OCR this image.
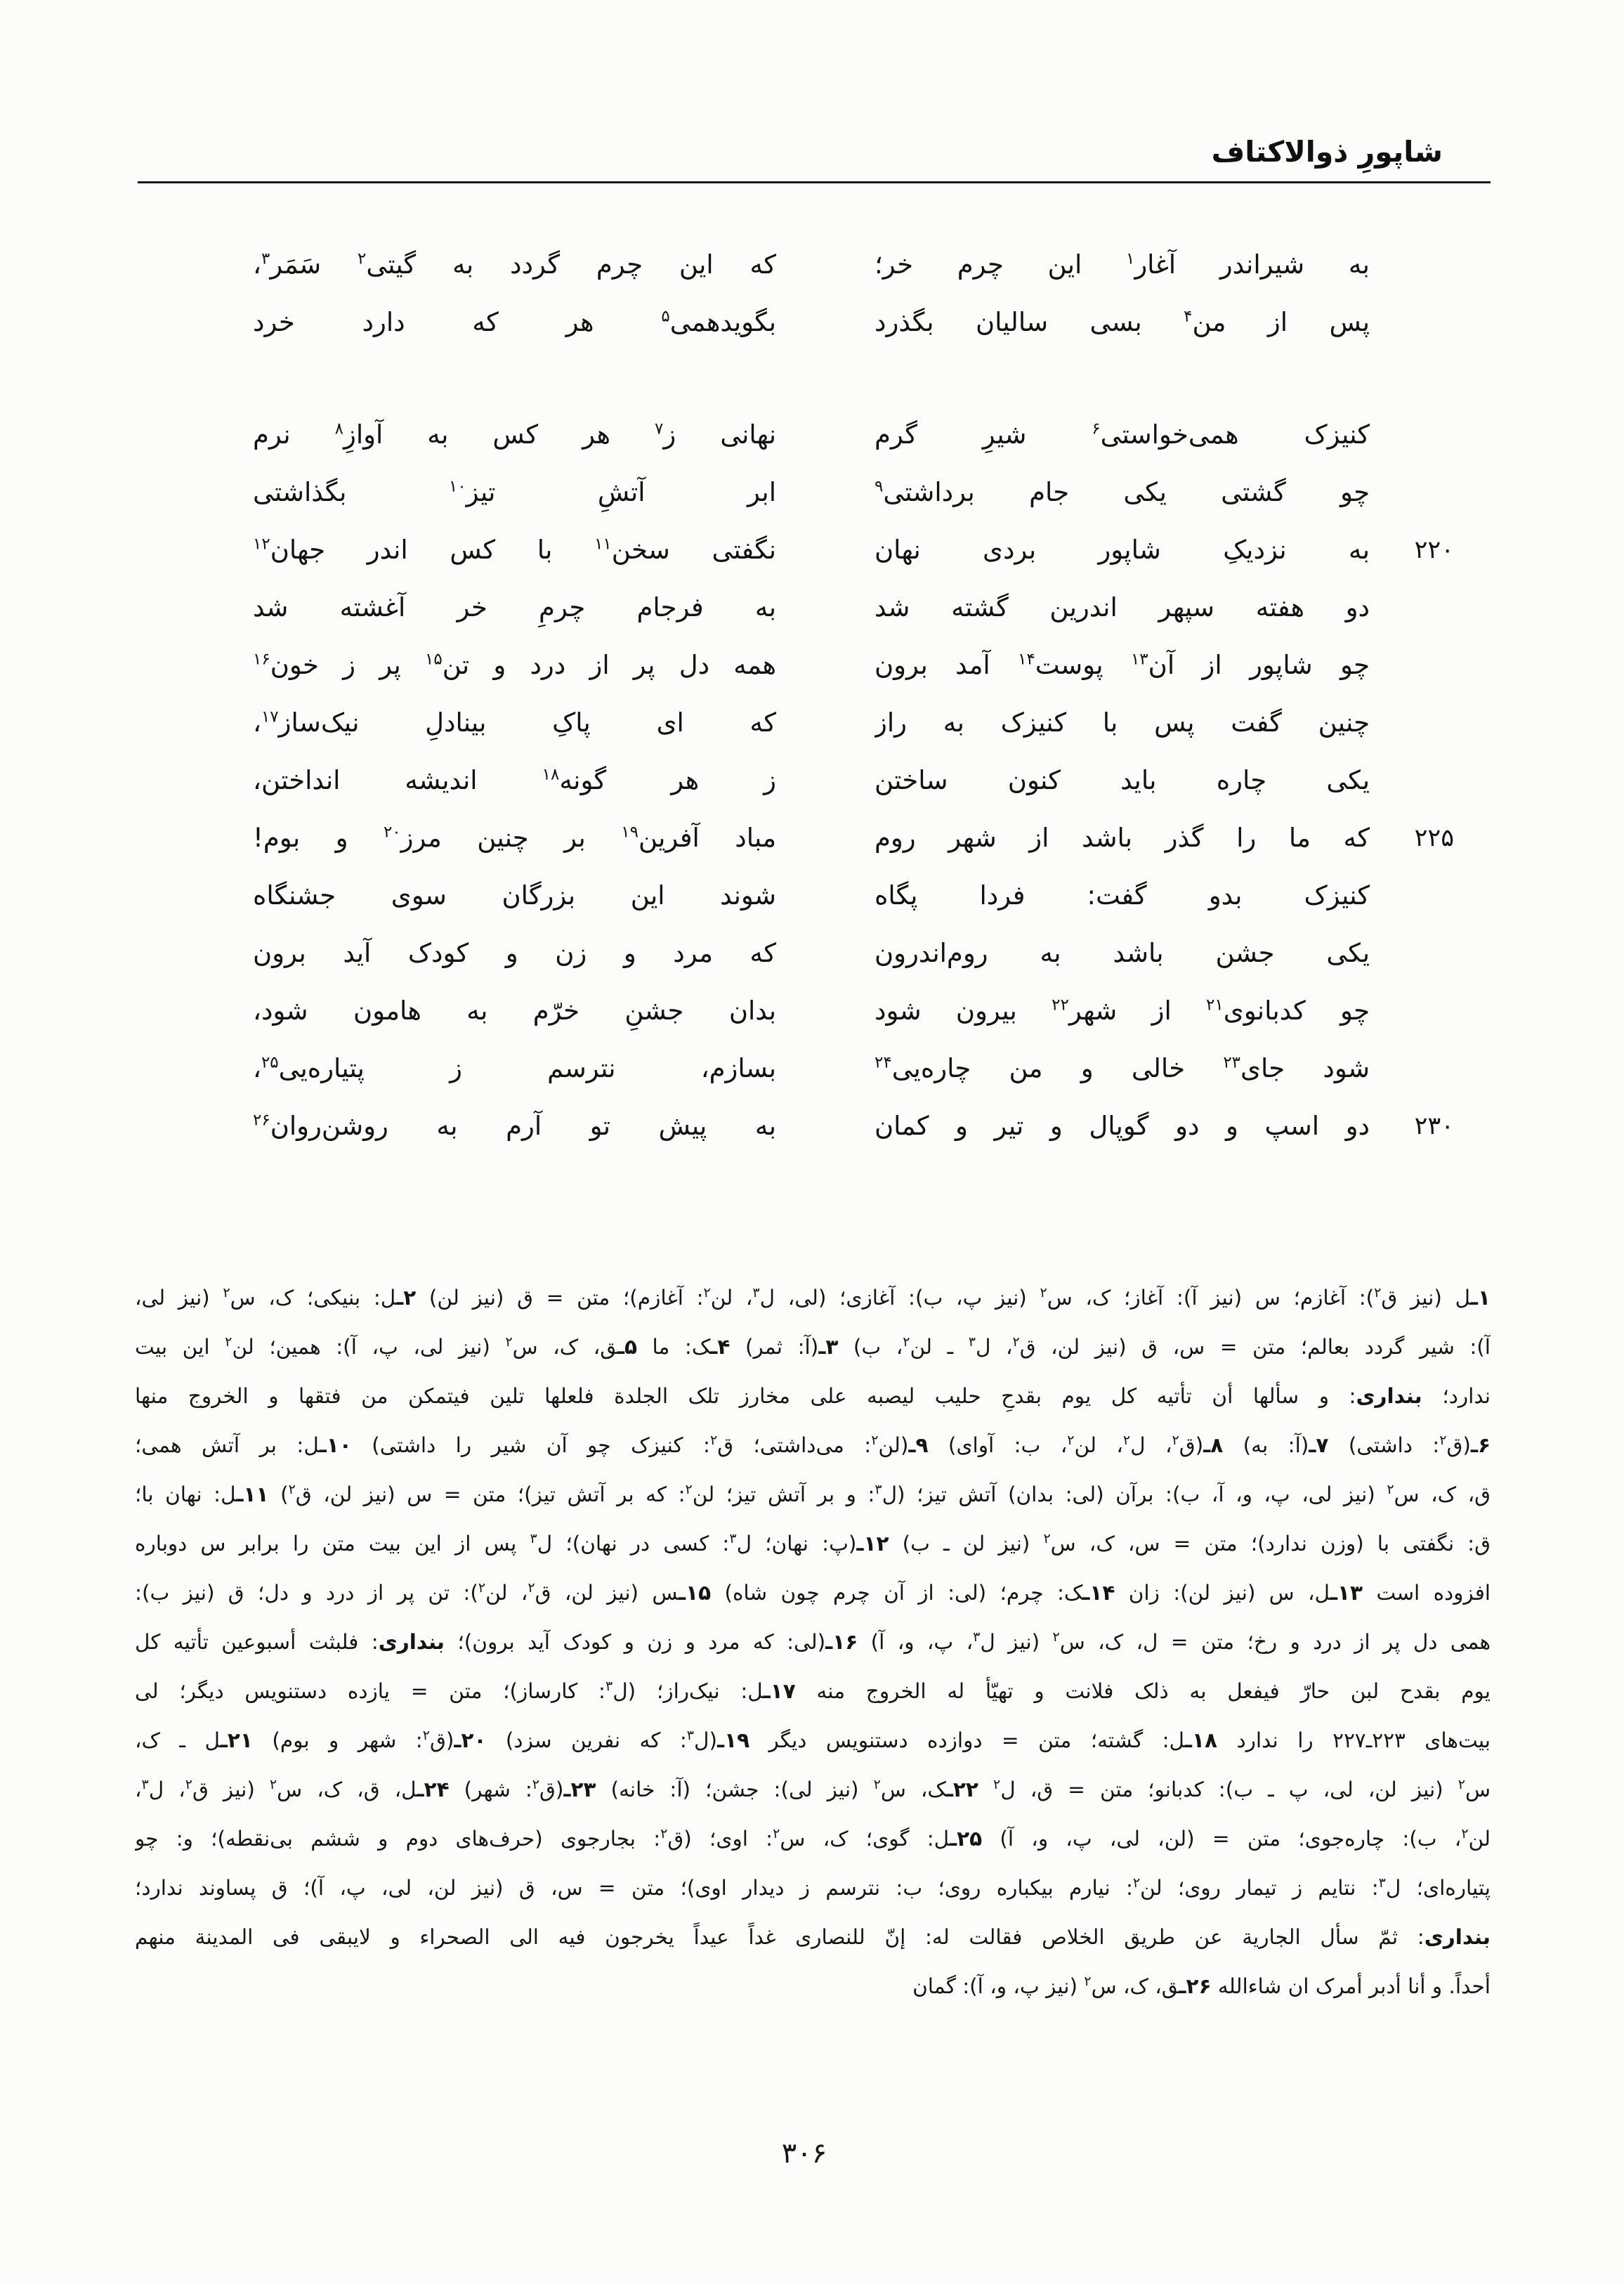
شاپورِ ذوالاکتاف
به شیراندر آغار$^۱$ این چرم خر؛
که این چرم گردد به گیتی$^۲$ سَمَر$^۳$،
پس از من$^۴$ بسی سالیان بگذرد
بگویدهمی$^۵$ هر که دارد خرد
کنیزک همی‌خواستی$^۶$ شیرِ گرم
نهانی ز$^۷$ هر کس به آوازِ$^۸$ نرم
چو گشتی یکی جام برداشتی$^۹$
ابر آتشِ تیز$^{۱۰}$ بگذاشتی
۲۲۰
به نزدیکِ شاپور بردی نهان
نگفتی سخن$^{۱۱}$ با کس اندر جهان$^{۱۲}$
دو هفته سپهر اندرین گشته شد
به فرجام چرمِ خر آغشته شد
چو شاپور از آن$^{۱۳}$ پوست$^{۱۴}$ آمد برون
همه دل پر از درد و تن$^{۱۵}$ پر ز خون$^{۱۶}$
چنین گفت پس با کنیزک به راز
که ای پاکِ بینادلِ نیک‌ساز$^{۱۷}$،
یکی چاره باید کنون ساختن
ز هر گونه$^{۱۸}$ اندیشه انداختن،
۲۲۵
که ما را گذر باشد از شهر روم
مباد آفرین$^{۱۹}$ بر چنین مرز$^{۲۰}$ و بوم!
کنیزک بدو گفت: فردا پگاه
شوند این بزرگان سوی جشنگاه
یکی جشن باشد به روم‌اندرون
که مرد و زن و کودک آید برون
چو کدبانوی$^{۲۱}$ از شهر$^{۲۲}$ بیرون شود
بدان جشنِ خرّم به هامون شود،
شود جای$^{۲۳}$ خالی و من چاره‌یی$^{۲۴}$
بسازم، نترسم ز پتیاره‌یی$^{۲۵}$،
۲۳۰
دو اسپ و دو گوپال و تیر و کمان
به پیش تو آرم به روشن‌روان$^{۲۶}$
۱ـل (نیز ق$^۲$): آغازم؛ س (نیز آ): آغاز؛ ک، س$^۲$ (نیز پ، ب): آغازی؛ (لی، ل$^۳$، لن$^۲$: آغازم)؛ متن = ق (نیز لن) ۲ـل: بنیکی؛ ک، س$^۲$ (نیز لی،
آ): شیر گردد بعالم؛ متن = س، ق (نیز لن، ق$^۲$، ل$^۳$ ـ لن$^۲$، ب) ۳ـ(آ: ثمر) ۴ـک: ما ۵ـق، ک، س$^۲$ (نیز لی، پ، آ): همین؛ لن$^۲$ این بیت
ندارد؛ بنداری: و سألها أن تأتیه کل یوم بقدحِ حلیب لیصبه علی مخارز تلک الجلدة فلعلها تلین فیتمکن من فتقها و الخروج منها
۶ـ(ق$^۲$: داشتی) ۷ـ(آ: به) ۸ـ(ق$^۲$، ل$^۲$، لن$^۲$، ب: آوای) ۹ـ(لن$^۲$: می‌داشتی؛ ق$^۲$: کنیزک چو آن شیر را داشتی) ۱۰ـل: بر آتش همی؛
ق، ک، س$^۲$ (نیز لی، پ، و، آ، ب): برآن (لی: بدان) آتش تیز؛ (ل$^۳$: و بر آتش تیز؛ لن$^۲$: که بر آتش تیز)؛ متن = س (نیز لن، ق$^۲$) ۱۱ـل: نهان با؛
ق: نگفتی با (وزن ندارد)؛ متن = س، ک، س$^۲$ (نیز لن ـ ب) ۱۲ـ(پ: نهان؛ ل$^۳$: کسی در نهان)؛ ل$^۳$ پس از این بیت متن را برابر س دوباره
افزوده است ۱۳ـل، س (نیز لن): زان ۱۴ـک: چرم؛ (لی: از آن چرم چون شاه) ۱۵ـس (نیز لن، ق$^۲$، لن$^۲$): تن پر از درد و دل؛ ق (نیز ب):
همی دل پر از درد و رخ؛ متن = ل، ک، س$^۲$ (نیز ل$^۳$، پ، و، آ) ۱۶ـ(لی: که مرد و زن و کودک آید برون)؛ بنداری: فلبثت أسبوعین تأتیه کل
یوم بقدح لبن حارّ فیفعل به ذلک فلانت و تهیّأ له الخروج منه ۱۷ـل: نیک‌راز؛ (ل$^۳$: کارساز)؛ متن = یازده دستنویس دیگر؛ لی
بیت‌های ۲۲۳ـ۲۲۷ را ندارد ۱۸ـل: گشته؛ متن = دوازده دستنویس دیگر ۱۹ـ(ل$^۳$: که نفرین سزد) ۲۰ـ(ق$^۲$: شهر و بوم) ۲۱ـل ـ ک،
س$^۲$ (نیز لن، لی، پ ـ ب): کدبانو؛ متن = ق، ل$^۲$ ۲۲ـک، س$^۲$ (نیز لی): جشن؛ (آ: خانه) ۲۳ـ(ق$^۲$: شهر) ۲۴ـل، ق، ک، س$^۲$ (نیز ق$^۲$، ل$^۳$،
لن$^۲$، ب): چاره‌جوی؛ متن = (لن، لی، پ، و، آ) ۲۵ـل: گوی؛ ک، س$^۲$: اوی؛ (ق$^۲$: بجارجوی (حرف‌های دوم و ششم بی‌نقطه)؛ و: چو
پتیاره‌ای؛ ل$^۳$: نتایم ز تیمار روی؛ لن$^۲$: نیارم بیکباره روی؛ ب: نترسم ز دیدار اوی)؛ متن = س، ق (نیز لن، لی، پ، آ)؛ ق پساوند ندارد؛
بنداری: ثمّ سأل الجاریة عن طریق الخلاص فقالت له: إنّ للنصاری غداً عیداً یخرجون فیه الی الصحراء و لایبقی فی المدینة منهم
أحداً. و أنا أدبر أمرک ان شاءالله ۲۶ـق، ک، س$^۲$ (نیز پ، و، آ): گمان
۳۰۶
